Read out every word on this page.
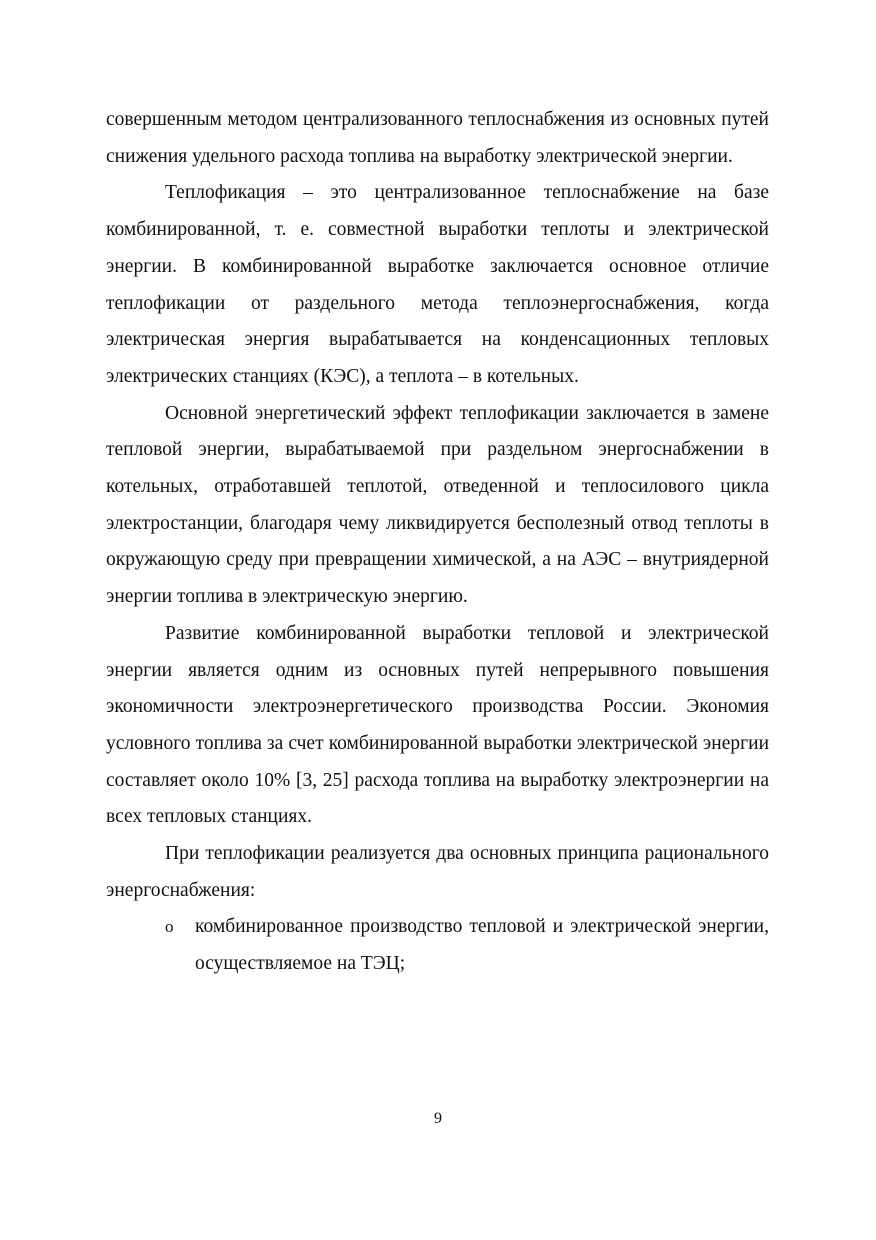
совершенным методом централизованного теплоснабжения из основных путей снижения удельного расхода топлива на выработку электрической энергии.

Теплофикация – это централизованное теплоснабжение на базе комбинированной, т. е. совместной выработки теплоты и электрической энергии. В комбинированной выработке заключается основное отличие теплофикации от раздельного метода теплоэнергоснабжения, когда электрическая энергия вырабатывается на конденсационных тепловых электрических станциях (КЭС), а теплота – в котельных.

Основной энергетический эффект теплофикации заключается в замене тепловой энергии, вырабатываемой при раздельном энергоснабжении в котельных, отработавшей теплотой, отведенной и теплосилового цикла электростанции, благодаря чему ликвидируется бесполезный отвод теплоты в окружающую среду при превращении химической, а на АЭС – внутриядерной энергии топлива в электрическую энергию.

Развитие комбинированной выработки тепловой и электрической энергии является одним из основных путей непрерывного повышения экономичности электроэнергетического производства России. Экономия условного топлива за счет комбинированной выработки электрической энергии составляет около 10% [3, 25] расхода топлива на выработку электроэнергии на всех тепловых станциях.

При теплофикации реализуется два основных принципа рационального энергоснабжения:

o комбинированное производство тепловой и электрической энергии, осуществляемое на ТЭЦ;
9
